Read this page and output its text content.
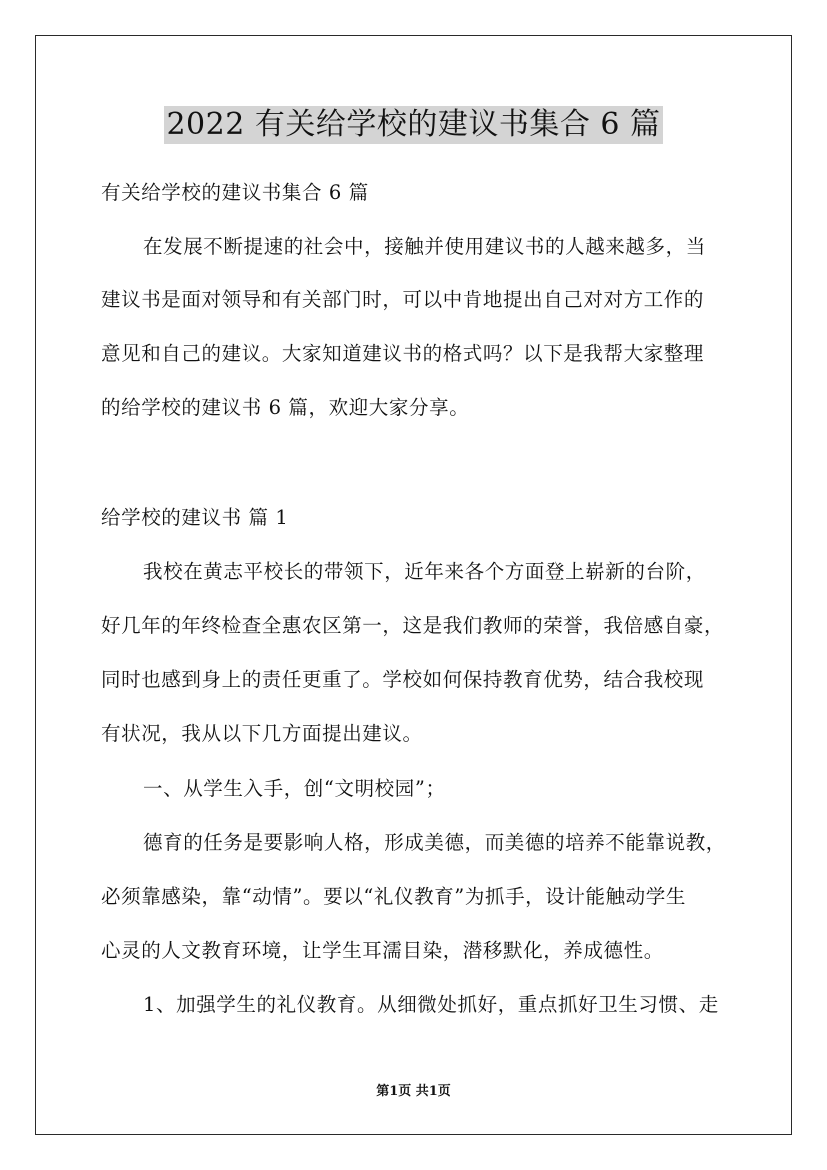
2022 有关给学校的建议书集合 6 篇
有关给学校的建议书集合 6 篇
在发展不断提速的社会中，接触并使用建议书的人越来越多，当
建议书是面对领导和有关部门时，可以中肯地提出自己对对方工作的
意见和自己的建议。大家知道建议书的格式吗？以下是我帮大家整理
的给学校的建议书 6 篇，欢迎大家分享。
给学校的建议书 篇 1
我校在黄志平校长的带领下，近年来各个方面登上崭新的台阶，
好几年的年终检查全惠农区第一，这是我们教师的荣誉，我倍感自豪，
同时也感到身上的责任更重了。学校如何保持教育优势，结合我校现
有状况，我从以下几方面提出建议。
一、从学生入手，创“文明校园”；
德育的任务是要影响人格，形成美德，而美德的培养不能靠说教，
必须靠感染，靠“动情”。要以“礼仪教育”为抓手，设计能触动学生
心灵的人文教育环境，让学生耳濡目染，潜移默化，养成德性。
1、加强学生的礼仪教育。从细微处抓好，重点抓好卫生习惯、走
第1页 共1页
